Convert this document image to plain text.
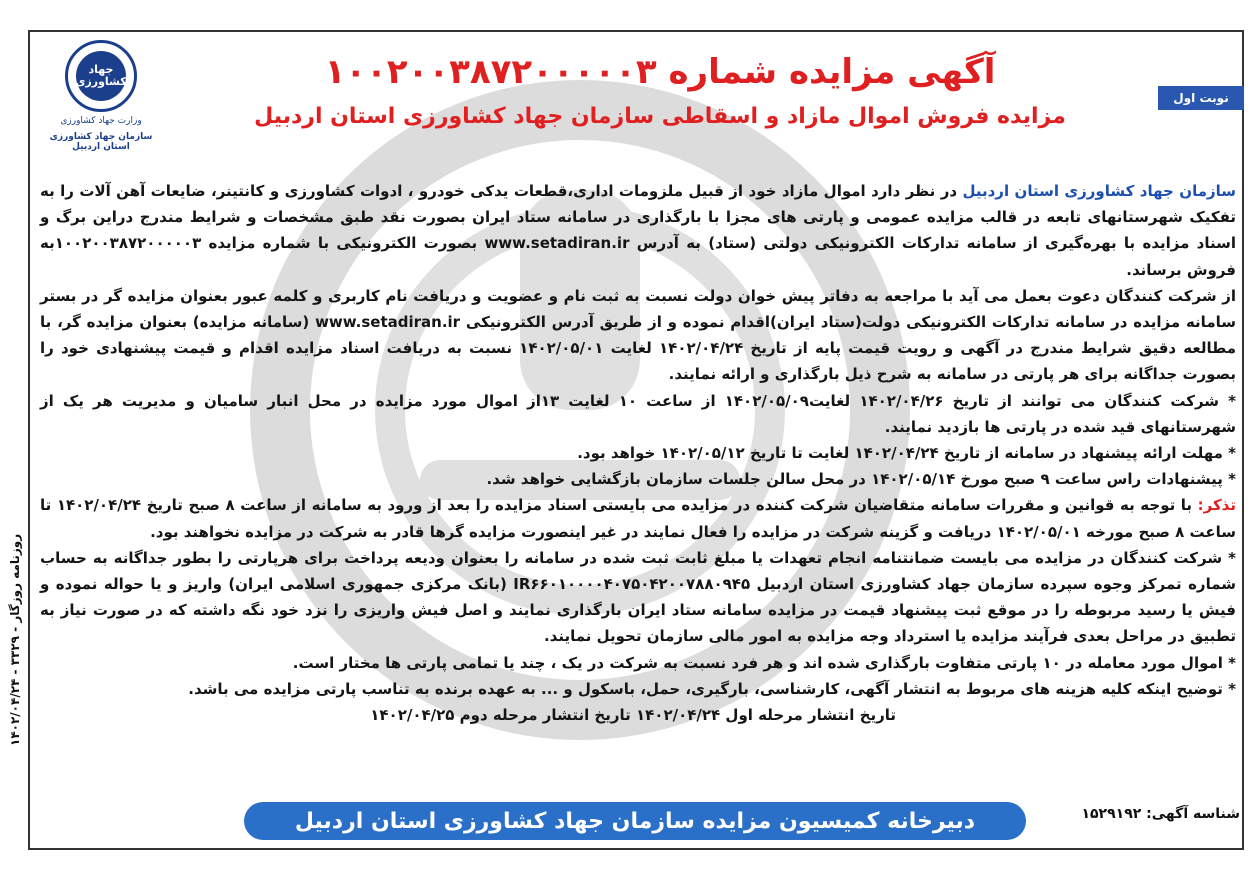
جهاد کشاورزی
وزارت جهاد کشاورزی
سازمان جهاد کشاورزی استان اردبیل
آگهی مزایده شماره ۱۰۰۲۰۰۳۸۷۲۰۰۰۰۰۳
مزایده فروش اموال مازاد و اسقاطی سازمان جهاد کشاورزی استان اردبیل
نوبت اول

سازمان جهاد کشاورزی استان اردبیل در نظر دارد اموال مازاد خود از قبیل ملزومات اداری،قطعات یدکی خودرو ، ادوات کشاورزی و کانتینر، ضایعات آهن آلات را به تفکیک شهرستانهای تابعه در قالب مزایده عمومی و پارتی های مجزا با بارگذاری در سامانه ستاد ایران بصورت نقد طبق مشخصات و شرایط مندرج دراین برگ و اسناد مزایده با بهره‌گیری از سامانه تدارکات الکترونیکی دولتی (ستاد) به آدرس www.setadiran.ir بصورت الکترونیکی با شماره مزایده ۱۰۰۲۰۰۳۸۷۲۰۰۰۰۰۳به فروش برساند.

از شرکت کنندگان دعوت بعمل می آید با مراجعه به دفاتر پیش خوان دولت نسبت به ثبت نام و عضویت و دریافت نام کاربری و کلمه عبور بعنوان مزایده گر در بستر سامانه مزایده در سامانه تدارکات الکترونیکی دولت(ستاد ایران)اقدام نموده و از طریق آدرس الکترونیکی www.setadiran.ir (سامانه مزایده) بعنوان مزایده گر، با مطالعه دقیق شرایط مندرج در آگهی و رویت قیمت پایه از تاریخ ۱۴۰۲/۰۴/۲۴ لغایت ۱۴۰۲/۰۵/۰۱ نسبت به دریافت اسناد مزایده اقدام و قیمت پیشنهادی خود را بصورت جداگانه برای هر پارتی در سامانه به شرح ذیل بارگذاری و ارائه نمایند.

* شرکت کنندگان می توانند از تاریخ ۱۴۰۲/۰۴/۲۶ لغایت۱۴۰۲/۰۵/۰۹ از ساعت ۱۰ لغایت ۱۳از اموال مورد مزایده در محل انبار سامیان و مدیریت هر یک از شهرستانهای قید شده در پارتی ها بازدید نمایند.

* مهلت ارائه پیشنهاد در سامانه از تاریخ ۱۴۰۲/۰۴/۲۴ لغایت تا تاریخ ۱۴۰۲/۰۵/۱۲ خواهد بود.

* پیشنهادات راس ساعت ۹ صبح مورخ ۱۴۰۲/۰۵/۱۴ در محل سالن جلسات سازمان بازگشایی خواهد شد.

تذکر: با توجه به قوانین و مقررات سامانه متقاضیان شرکت کننده در مزایده می بایستی اسناد مزایده را بعد از ورود به سامانه از ساعت ۸ صبح تاریخ ۱۴۰۲/۰۴/۲۴ تا ساعت ۸ صبح مورخه ۱۴۰۲/۰۵/۰۱ دریافت و گزینه شرکت در مزایده را فعال نمایند در غیر اینصورت مزایده گرها قادر به شرکت در مزایده نخواهند بود.

* شرکت کنندگان در مزایده می بایست ضمانتنامه انجام تعهدات یا مبلغ ثابت ثبت شده در سامانه را بعنوان ودیعه پرداخت برای هرپارتی را بطور جداگانه به حساب شماره تمرکز وجوه سپرده سازمان جهاد کشاورزی استان اردبیل IR۶۶۰۱۰۰۰۰۴۰۷۵۰۴۲۰۰۷۸۸۰۹۴۵ (بانک مرکزی جمهوری اسلامی ایران) واریز و یا حواله نموده و فیش یا رسید مربوطه را در موقع ثبت پیشنهاد قیمت در مزایده سامانه ستاد ایران بارگذاری نمایند و اصل فیش واریزی را نزد خود نگه داشته که در صورت نیاز به تطبیق در مراحل بعدی فرآیند مزایده یا استرداد وجه مزایده به امور مالی سازمان تحویل نمایند.

* اموال مورد معامله در ۱۰ پارتی متفاوت بارگذاری شده اند و هر فرد نسبت به شرکت در یک ، چند یا تمامی پارتی ها مختار است.

* توضیح اینکه کلیه هزینه های مربوط به انتشار آگهی، کارشناسی، بارگیری، حمل، باسکول و ... به عهده برنده به تناسب پارتی مزایده می باشد.

تاریخ انتشار مرحله اول ۱۴۰۲/۰۴/۲۴ تاریخ انتشار مرحله دوم ۱۴۰۲/۰۴/۲۵

روزنامه روزگار - ۳۳۲۹ - ۱۴۰۲/۰۴/۲۴
دبیرخانه کمیسیون مزایده سازمان جهاد کشاورزی استان اردبیل	شناسه آگهی: ۱۵۲۹۱۹۲
